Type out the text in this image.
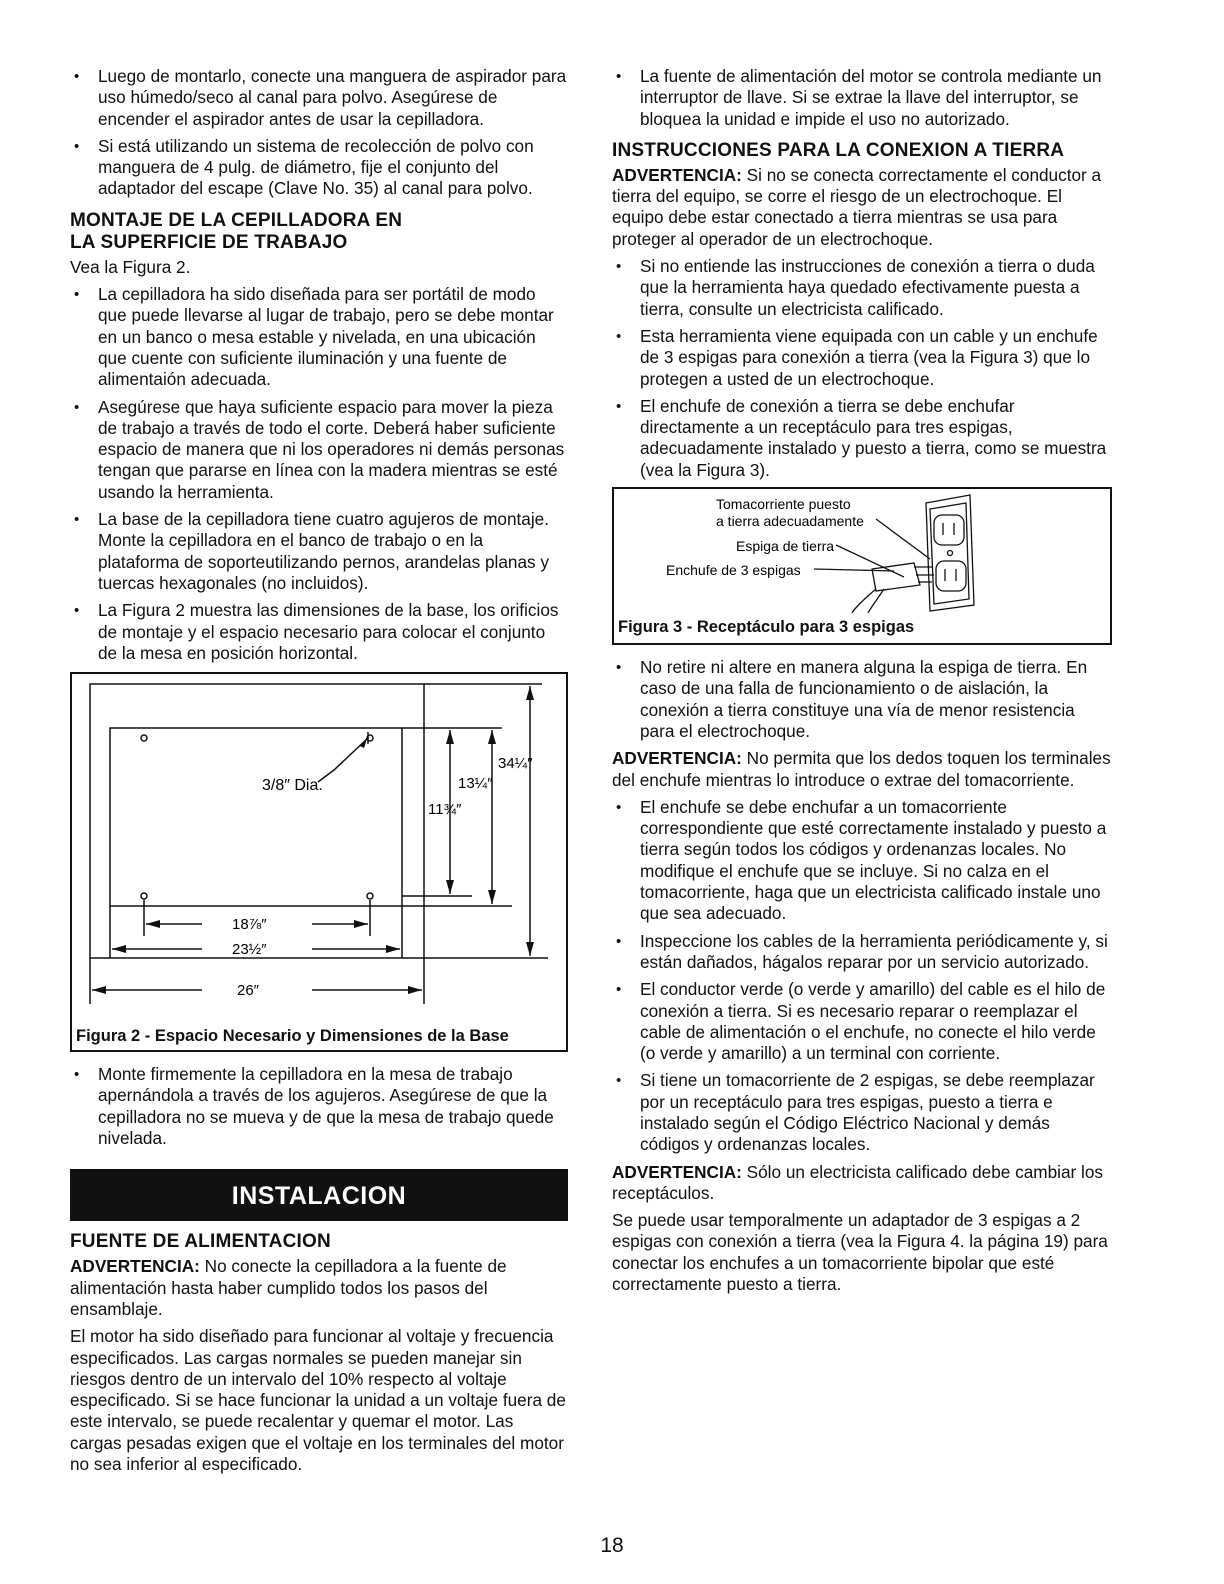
• Luego de montarlo, conecte una manguera de aspirador para uso húmedo/seco al canal para polvo. Asegúrese de encender el aspirador antes de usar la cepilladora.
• Si está utilizando un sistema de recolección de polvo con manguera de 4 pulg. de diámetro, fije el conjunto del adaptador del escape (Clave No. 35) al canal para polvo.
MONTAJE DE LA CEPILLADORA EN
LA SUPERFICIE DE TRABAJO

Vea la Figura 2.

• La cepilladora ha sido diseñada para ser portátil de modo que puede llevarse al lugar de trabajo, pero se debe montar en un banco o mesa estable y nivelada, en una ubicación que cuente con suficiente iluminación y una fuente de alimentaión adecuada.
• Asegúrese que haya suficiente espacio para mover la pieza de trabajo a través de todo el corte. Deberá haber suficiente espacio de manera que ni los operadores ni demás personas tengan que pararse en línea con la madera mientras se esté usando la herramienta.
• La base de la cepilladora tiene cuatro agujeros de montaje. Monte la cepilladora en el banco de trabajo o en la plataforma de soporteutilizando pernos, arandelas planas y tuercas hexagonales (no incluidos).
• La Figura 2 muestra las dimensiones de la base, los orificios de montaje y el espacio necesario para colocar el conjunto de la mesa en posición horizontal.
3/8″ Dia.
34¼″
13¼″
11¾″
18⅞″
23½″
26″
Figura 2 - Espacio Necesario y Dimensiones de la Base
• Monte firmemente la cepilladora en la mesa de trabajo apernándola a través de los agujeros. Asegúrese de que la cepilladora no se mueva y de que la mesa de trabajo quede nivelada.
INSTALACION
FUENTE DE ALIMENTACION

ADVERTENCIA: No conecte la cepilladora a la fuente de alimentación hasta haber cumplido todos los pasos del ensamblaje.

El motor ha sido diseñado para funcionar al voltaje y frecuencia especificados. Las cargas normales se pueden manejar sin riesgos dentro de un intervalo del 10% respecto al voltaje especificado. Si se hace funcionar la unidad a un voltaje fuera de este intervalo, se puede recalentar y quemar el motor. Las cargas pesadas exigen que el voltaje en los terminales del motor no sea inferior al especificado.

• La fuente de alimentación del motor se controla mediante un interruptor de llave. Si se extrae la llave del interruptor, se bloquea la unidad e impide el uso no autorizado.
INSTRUCCIONES PARA LA CONEXION A TIERRA

ADVERTENCIA: Si no se conecta correctamente el conductor a tierra del equipo, se corre el riesgo de un electrochoque. El equipo debe estar conectado a tierra mientras se usa para proteger al operador de un electrochoque.

• Si no entiende las instrucciones de conexión a tierra o duda que la herramienta haya quedado efectivamente puesta a tierra, consulte un electricista calificado.
• Esta herramienta viene equipada con un cable y un enchufe de 3 espigas para conexión a tierra (vea la Figura 3) que lo protegen a usted de un electrochoque.
• El enchufe de conexión a tierra se debe enchufar directamente a un receptáculo para tres espigas, adecuadamente instalado y puesto a tierra, como se muestra (vea la Figura 3).
Tomacorriente puesto
a tierra adecuadamente
Espiga de tierra
Enchufe de 3 espigas
Figura 3 - Receptáculo para 3 espigas
• No retire ni altere en manera alguna la espiga de tierra. En caso de una falla de funcionamiento o de aislación, la conexión a tierra constituye una vía de menor resistencia para el electrochoque.

ADVERTENCIA: No permita que los dedos toquen los terminales del enchufe mientras lo introduce o extrae del tomacorriente.

• El enchufe se debe enchufar a un tomacorriente correspondiente que esté correctamente instalado y puesto a tierra según todos los códigos y ordenanzas locales. No modifique el enchufe que se incluye. Si no calza en el tomacorriente, haga que un electricista calificado instale uno que sea adecuado.
• Inspeccione los cables de la herramienta periódicamente y, si están dañados, hágalos reparar por un servicio autorizado.
• El conductor verde (o verde y amarillo) del cable es el hilo de conexión a tierra. Si es necesario reparar o reemplazar el cable de alimentación o el enchufe, no conecte el hilo verde (o verde y amarillo) a un terminal con corriente.
• Si tiene un tomacorriente de 2 espigas, se debe reemplazar por un receptáculo para tres espigas, puesto a tierra e instalado según el Código Eléctrico Nacional y demás códigos y ordenanzas locales.

ADVERTENCIA: Sólo un electricista calificado debe cambiar los receptáculos.

Se puede usar temporalmente un adaptador de 3 espigas a 2 espigas con conexión a tierra (vea la Figura 4. la página 19) para conectar los enchufes a un tomacorriente bipolar que esté correctamente puesto a tierra.

18
